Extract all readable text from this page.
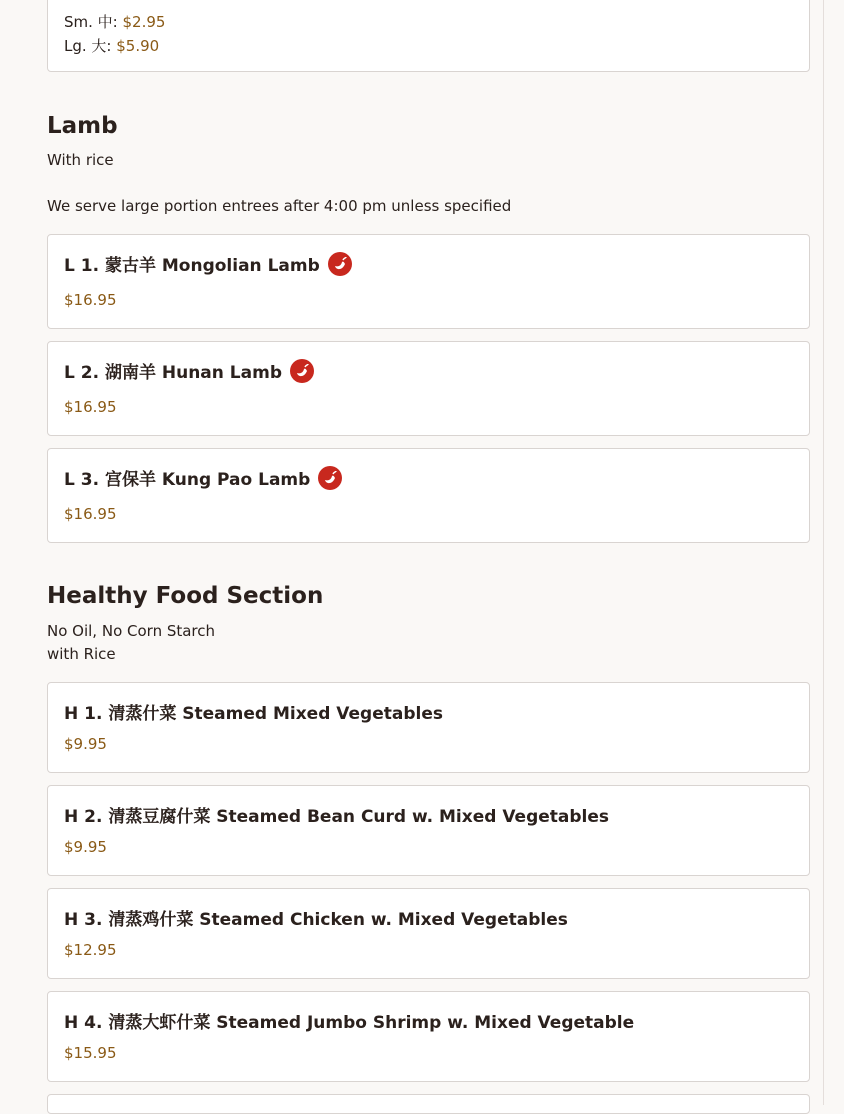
Sm. 中: $2.95
Lg. 大: $5.90
Lamb
With rice
We serve large portion entrees after 4:00 pm unless specified
L 1. 蒙古羊 Mongolian Lamb
$16.95
L 2. 湖南羊 Hunan Lamb
$16.95
L 3. 宫保羊 Kung Pao Lamb
$16.95
Healthy Food Section
No Oil, No Corn Starch
with Rice
H 1. 清蒸什菜 Steamed Mixed Vegetables
$9.95
H 2. 清蒸豆腐什菜 Steamed Bean Curd w. Mixed Vegetables
$9.95
H 3. 清蒸鸡什菜 Steamed Chicken w. Mixed Vegetables
$12.95
H 4. 清蒸大虾什菜 Steamed Jumbo Shrimp w. Mixed Vegetable
$15.95
